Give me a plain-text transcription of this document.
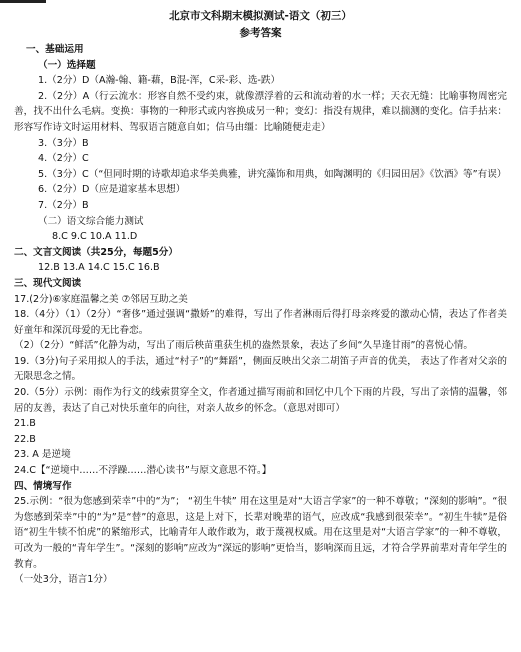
北京市文科期末模拟测试-语文（初三）
参考答案
一、基础运用
（一）选择题
1.（2分）D（A瀚-翰、籍-藉，B混-浑，C采-彩、选-跌）
2.（2分）A（行云流水：形容自然不受约束，就像漂浮着的云和流动着的水一样；天衣无缝：比喻事物周密完善，找不出什么毛病。变换：事物的一种形式或内容换成另一种；变幻：指没有规律，难以揣测的变化。信手拈来：形容写作诗文时运用材料、驾驭语言随意自如；信马由缰：比喻随便走走）
3.（3分）B
4.（2分）C
5.（3分）C（“但同时期的诗歌却追求华美典雅，讲究藻饰和用典，如陶渊明的《归园田居》《饮酒》等”有误）
6.（2分）D（应是道家基本思想）
7.（2分）B
（二）语文综合能力测试
8.C 9.C 10.A 11.D
二、文言文阅读（共25分，每题5分）
12.B 13.A 14.C 15.C 16.B
三、现代文阅读
17.(2分)⑥家庭温馨之美 ⑦邻居互助之美
18.（4分）（1）（2分）“奢侈”通过强调“撒娇”的难得，写出了作者淋雨后得打母亲疼爱的激动心情，表达了作者美好童年和深沉母爱的无比眷恋。
（2）（2分）“鲜活”化静为动，写出了雨后秧苗重获生机的盎然景象，表达了乡间“久旱逢甘雨”的喜悦心情。
19.（3分)句子采用拟人的手法，通过“村子”的“舞蹈”，侧面反映出父亲二胡笛子声音的优美， 表达了作者对父亲的无限思念之情。
20.（5分）示例：雨作为行文的线索贯穿全文，作者通过描写雨前和回忆中几个下雨的片段，写出了亲情的温馨，邻居的友善，表达了自己对快乐童年的向往，对亲人故乡的怀念。（意思对即可）
21.B
22.B
23. A 是逆境
24.C【“逆境中……不浮躁……潜心读书”与原文意思不符。】
四、情境写作
25.示例：“很为您感到荣幸”中的“为”； “初生牛犊” 用在这里是对“大语言学家”的一种不尊敬；“深刻的影响”。“很为您感到荣幸”中的“为”是“替”的意思，这是上对下，长辈对晚辈的语气，应改成“我感到很荣幸”。“初生牛犊”是俗语“初生牛犊不怕虎”的紧缩形式，比喻青年人敢作敢为，敢于蔑视权威。用在这里是对“大语言学家”的一种不尊敬，可改为一般的“青年学生”。“深刻的影响”应改为“深远的影响”更恰当，影响深而且远，才符合学界前辈对青年学生的教育。
（一处3分，语言1分）
